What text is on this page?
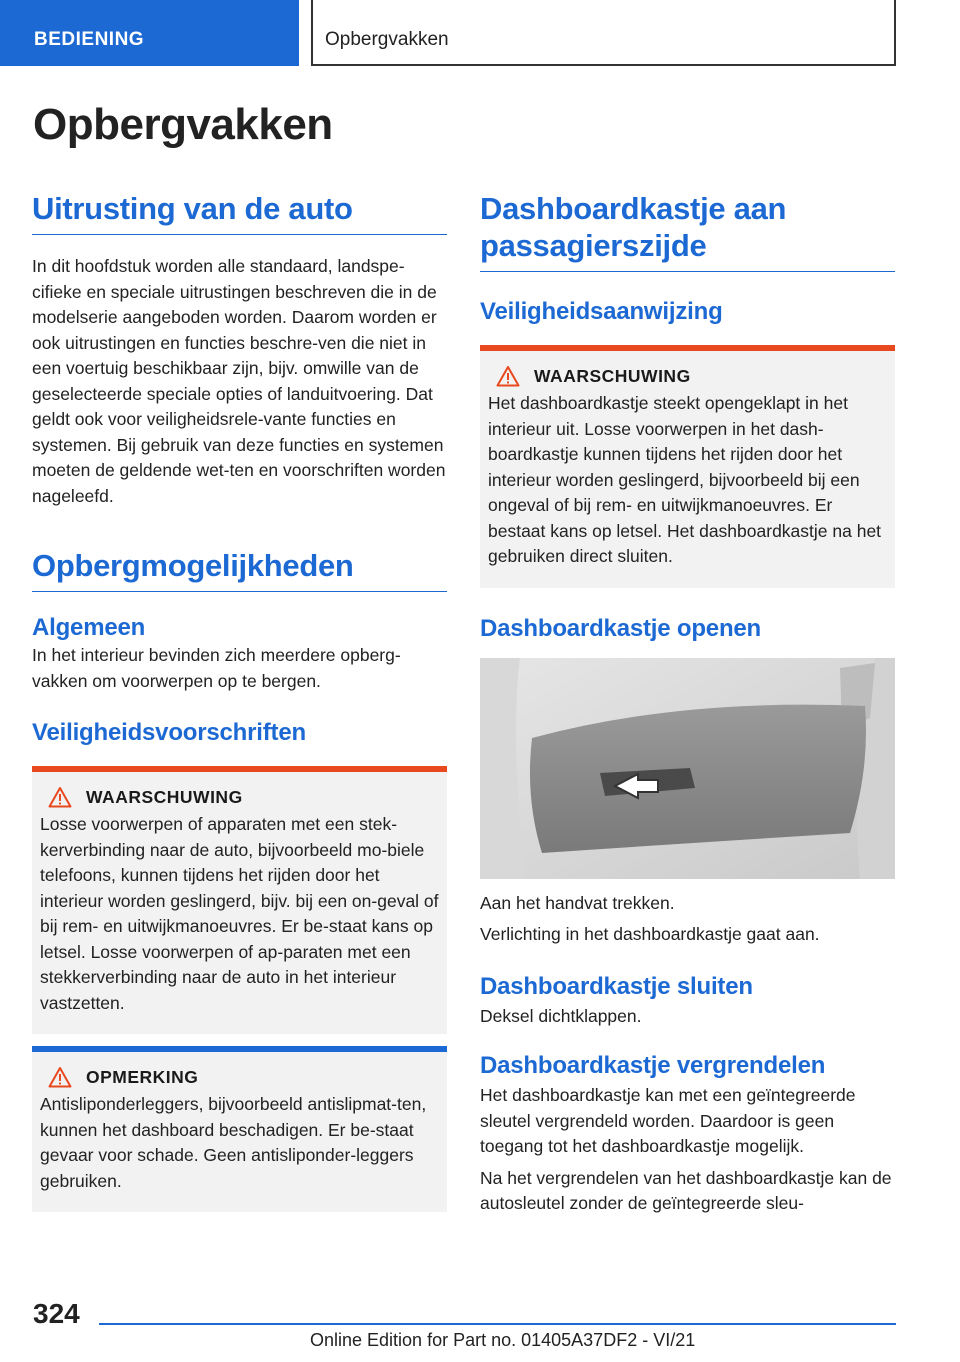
BEDIENING	Opbergvakken
Opbergvakken
Uitrusting van de auto
In dit hoofdstuk worden alle standaard, landspe-cifieke en speciale uitrustingen beschreven die in de modelserie aangeboden worden. Daarom worden er ook uitrustingen en functies beschre-ven die niet in een voertuig beschikbaar zijn, bijv. omwille van de geselecteerde speciale opties of landuitvoering. Dat geldt ook voor veiligheidsrele-vante functies en systemen. Bij gebruik van deze functies en systemen moeten de geldende wet-ten en voorschriften worden nageleefd.
Opbergmogelijkheden
Algemeen
In het interieur bevinden zich meerdere opberg-vakken om voorwerpen op te bergen.
Veiligheidsvoorschriften
WAARSCHUWING
Losse voorwerpen of apparaten met een stek-kerverbinding naar de auto, bijvoorbeeld mo-biele telefoons, kunnen tijdens het rijden door het interieur worden geslingerd, bijv. bij een on-geval of bij rem- en uitwijkmanoeuvres. Er be-staat kans op letsel. Losse voorwerpen of ap-paraten met een stekkerverbinding naar de auto in het interieur vastzetten.
OPMERKING
Antisliponderleggers, bijvoorbeeld antislipmat-ten, kunnen het dashboard beschadigen. Er be-staat gevaar voor schade. Geen antisliponder-leggers gebruiken.
Dashboardkastje aan passagierszijde
Veiligheidsaanwijzing
WAARSCHUWING
Het dashboardkastje steekt opengeklapt in het interieur uit. Losse voorwerpen in het dash-boardkastje kunnen tijdens het rijden door het interieur worden geslingerd, bijvoorbeeld bij een ongeval of bij rem- en uitwijkmanoeuvres. Er bestaat kans op letsel. Het dashboardkastje na het gebruiken direct sluiten.
Dashboardkastje openen
Aan het handvat trekken.
Verlichting in het dashboardkastje gaat aan.
Dashboardkastje sluiten
Deksel dichtklappen.
Dashboardkastje vergrendelen
Het dashboardkastje kan met een geïntegreerde sleutel vergrendeld worden. Daardoor is geen toegang tot het dashboardkastje mogelijk.
Na het vergrendelen van het dashboardkastje kan de autosleutel zonder de geïntegreerde sleu-
324
Online Edition for Part no. 01405A37DF2 - VI/21
